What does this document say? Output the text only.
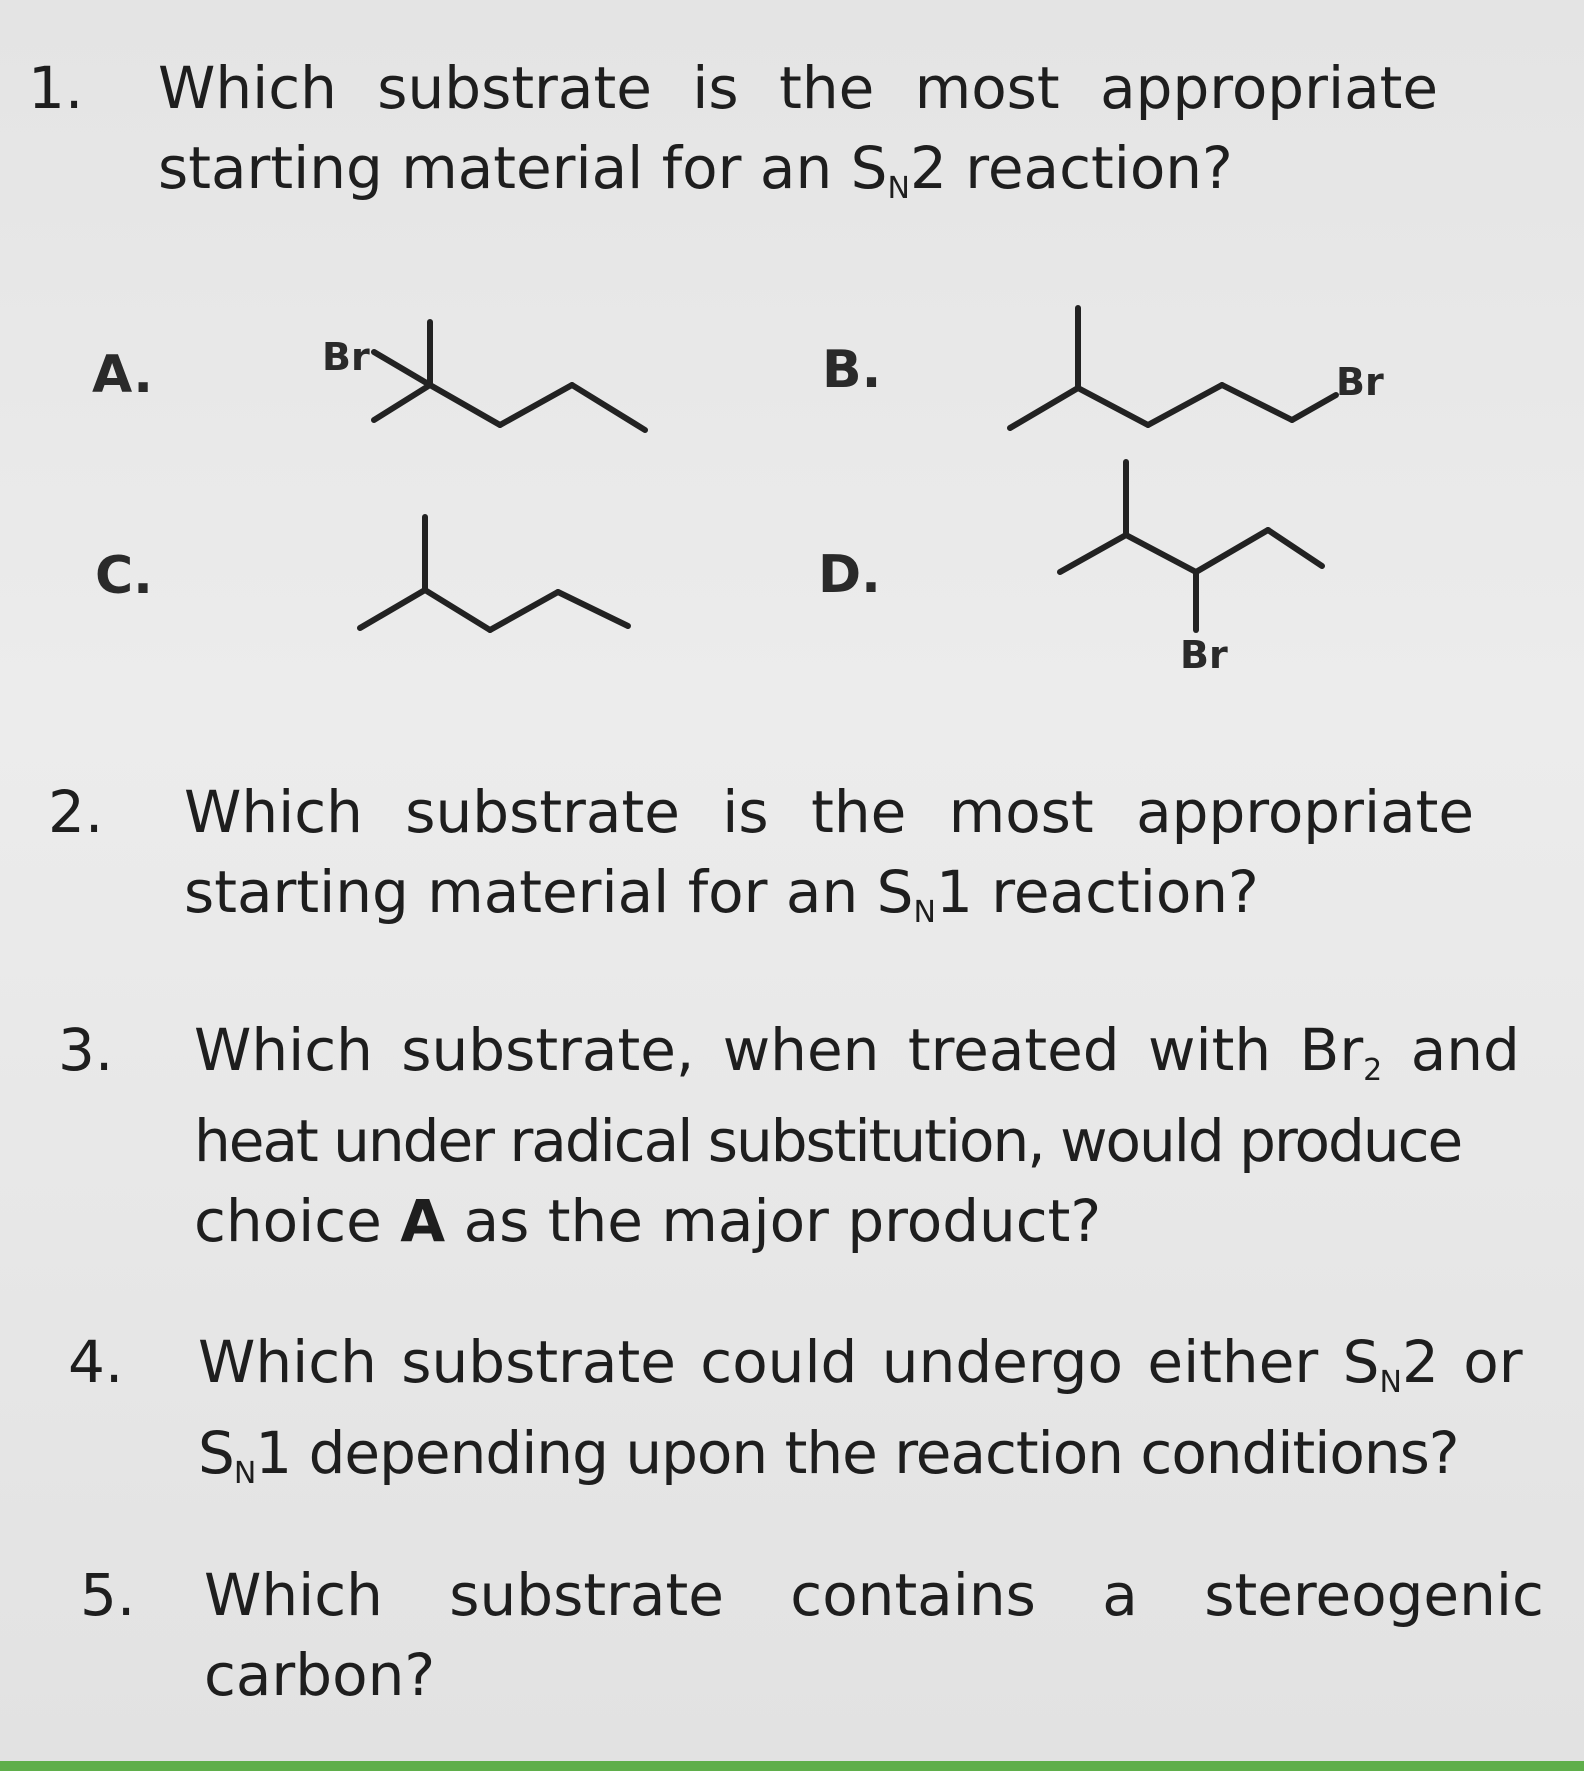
1. Which substrate is the most appropriate
starting material for an SN2 reaction?
A.	B.
C.	D.
Br
Br
Br
2. Which substrate is the most appropriate
starting material for an SN1 reaction?
3. Which substrate, when treated with Br2 and
heat under radical substitution, would produce
choice A as the major product?
4. Which substrate could undergo either SN2 or
SN1 depending upon the reaction conditions?
5. Which substrate contains a stereogenic
carbon?
